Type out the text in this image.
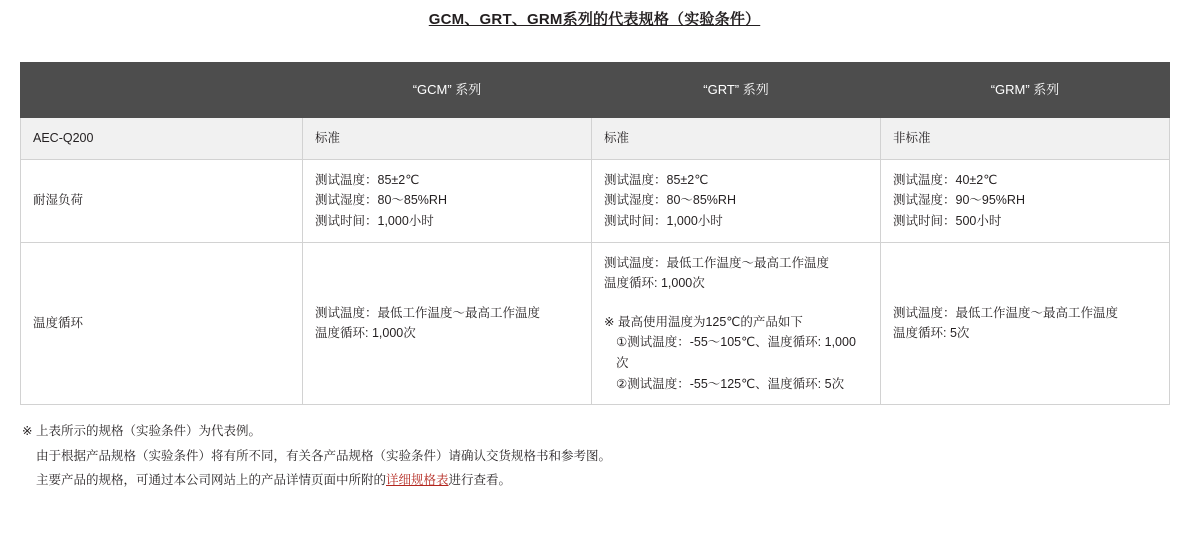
GCM、GRT、GRM系列的代表规格（实验条件）
	“GCM” 系列	“GRT” 系列	“GRM” 系列
AEC-Q200	标准	标准	非标准
耐湿负荷	测试温度：85±2℃
测试湿度：80〜85%RH
测试时间：1,000小时	测试温度：85±2℃
测试湿度：80〜85%RH
测试时间：1,000小时	测试温度：40±2℃
测试湿度：90〜95%RH
测试时间：500小时
温度循环	测试温度：最低工作温度〜最高工作温度
温度循环: 1,000次	测试温度：最低工作温度〜最高工作温度
温度循环: 1,000次
※ 最高使用温度为125℃的产品如下
①测试温度：-55〜105℃、温度循环: 1,000次
②测试温度：-55〜125℃、温度循环: 5次	测试温度：最低工作温度〜最高工作温度
温度循环: 5次
※ 上表所示的规格（实验条件）为代表例。
由于根据产品规格（实验条件）将有所不同，有关各产品规格（实验条件）请确认交货规格书和参考图。
主要产品的规格，可通过本公司网站上的产品详情页面中所附的详细规格表进行查看。
